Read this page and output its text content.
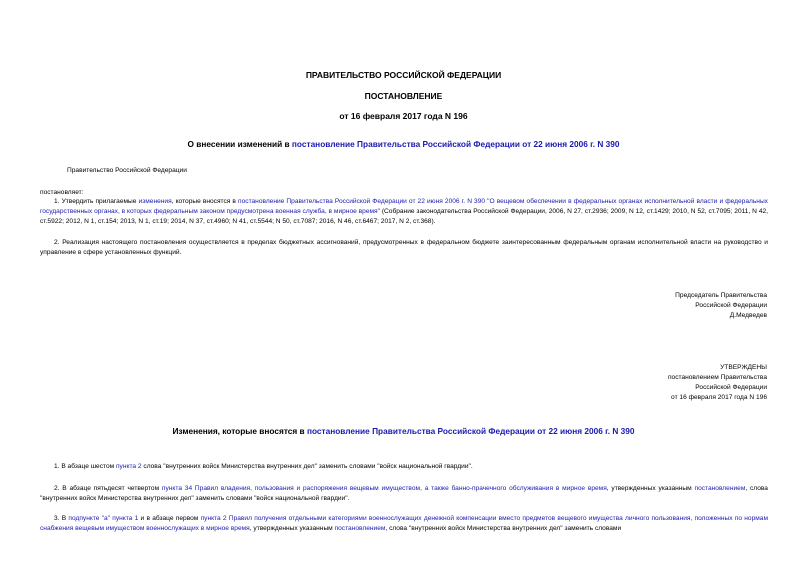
ПРАВИТЕЛЬСТВО РОССИЙСКОЙ ФЕДЕРАЦИИ
ПОСТАНОВЛЕНИЕ
от 16 февраля 2017 года N 196
О внесении изменений в постановление Правительства Российской Федерации от 22 июня 2006 г. N 390
Правительство Российской Федерации
постановляет:
1. Утвердить прилагаемые изменения, которые вносятся в постановление Правительства Российской Федерации от 22 июня 2006 г. N 390 "О вещевом обеспечении в федеральных органах исполнительной власти и федеральных государственных органах, в которых федеральным законом предусмотрена военная служба, в мирное время" (Собрание законодательства Российской Федерации, 2006, N 27, ст.2936; 2009, N 12, ст.1429; 2010, N 52, ст.7095; 2011, N 42, ст.5922; 2012, N 1, ст.154; 2013, N 1, ст.19; 2014, N 37, ст.4960; N 41, ст.5544; N 50, ст.7087; 2016, N 46, ст.6467; 2017, N 2, ст.368).
2. Реализация настоящего постановления осуществляется в пределах бюджетных ассигнований, предусмотренных в федеральном бюджете заинтересованным федеральным органам исполнительной власти на руководство и управление в сфере установленных функций.
Председатель Правительства
Российской Федерации
Д.Медведев
УТВЕРЖДЕНЫ
постановлением Правительства
Российской Федерации
от 16 февраля 2017 года N 196
Изменения, которые вносятся в постановление Правительства Российской Федерации от 22 июня 2006 г. N 390
1. В абзаце шестом пункта 2 слова "внутренних войск Министерства внутренних дел" заменить словами "войск национальной гвардии".
2. В абзаце пятьдесят четвертом пункта 34 Правил владения, пользования и распоряжения вещевым имуществом, а также банно-прачечного обслуживания в мирное время, утвержденных указанным постановлением, слова "внутренних войск Министерства внутренних дел" заменить словами "войск национальной гвардии".
3. В подпункте "а" пункта 1 и в абзаце первом пункта 2 Правил получения отдельными категориями военнослужащих денежной компенсации вместо предметов вещевого имущества личного пользования, положенных по нормам снабжения вещевым имуществом военнослужащих в мирное время, утвержденных указанным постановлением, слова "внутренних войск Министерства внутренних дел" заменить словами
